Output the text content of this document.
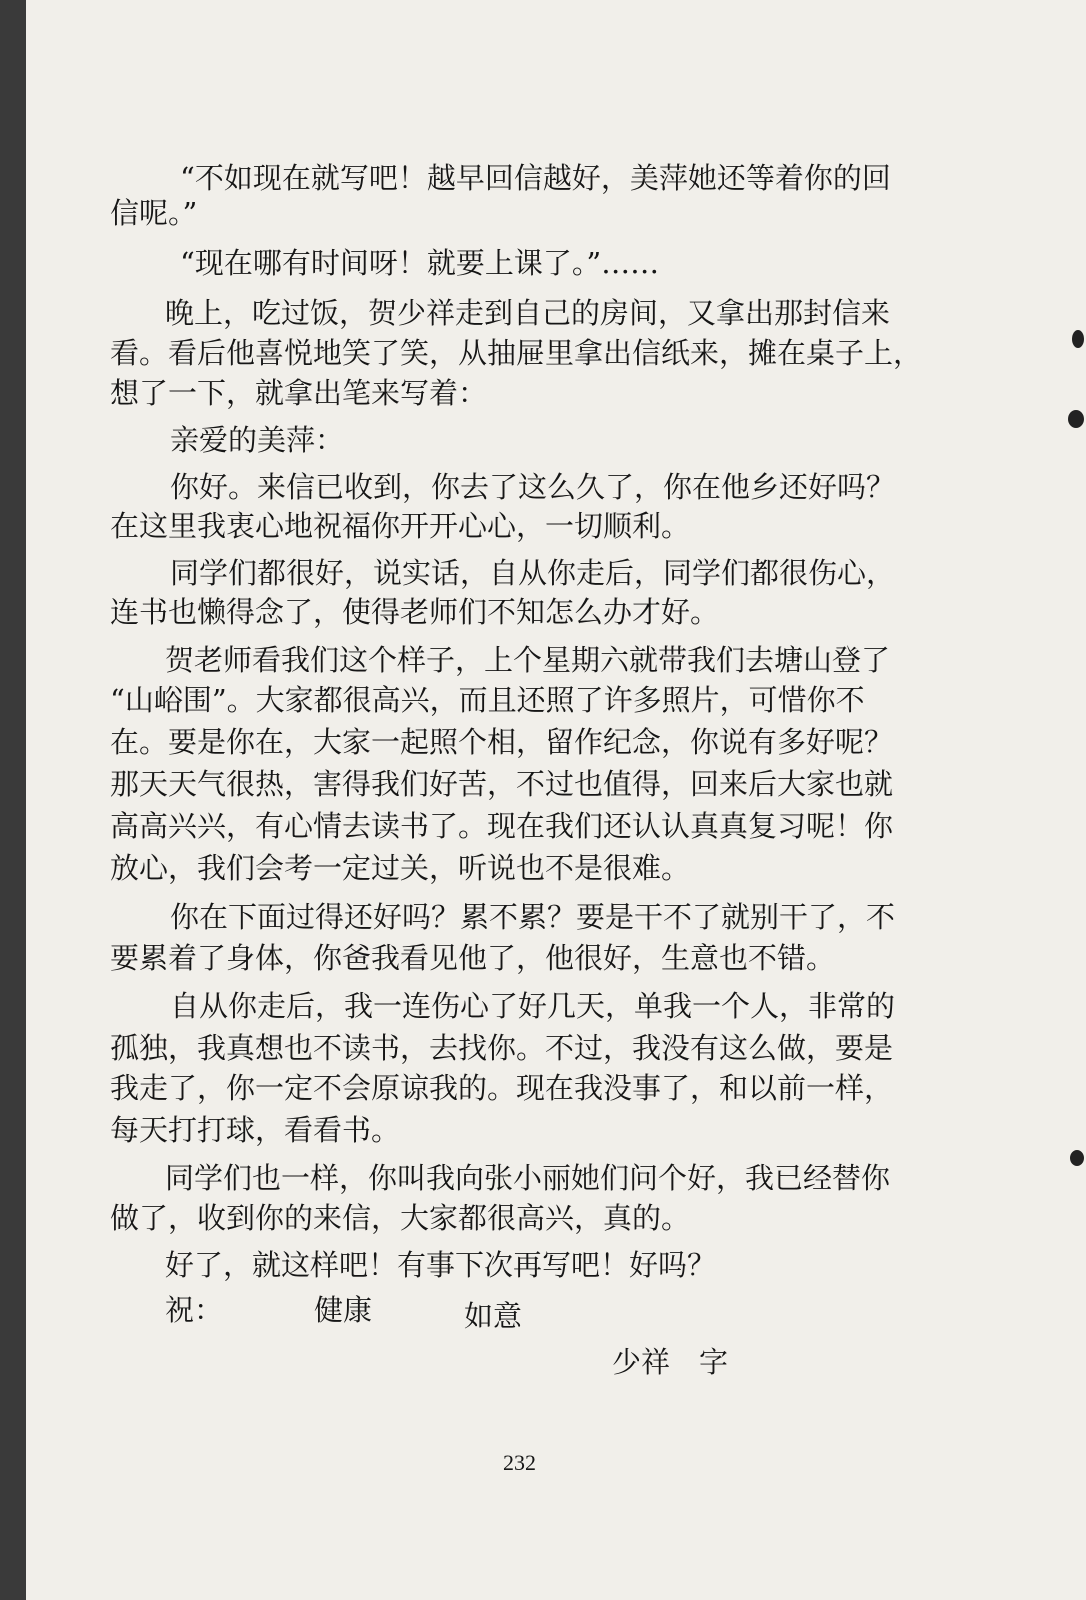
“不如现在就写吧！越早回信越好，美萍她还等着你的回
信呢。”
“现在哪有时间呀！就要上课了。”……
晚上，吃过饭，贺少祥走到自己的房间，又拿出那封信来
看。看后他喜悦地笑了笑，从抽屉里拿出信纸来，摊在桌子上，
想了一下，就拿出笔来写着：
亲爱的美萍：
你好。来信已收到，你去了这么久了，你在他乡还好吗？
在这里我衷心地祝福你开开心心，一切顺利。
同学们都很好，说实话，自从你走后，同学们都很伤心，
连书也懒得念了，使得老师们不知怎么办才好。
贺老师看我们这个样子，上个星期六就带我们去塘山登了
“山峪围”。大家都很高兴，而且还照了许多照片，可惜你不
在。要是你在，大家一起照个相，留作纪念，你说有多好呢？
那天天气很热，害得我们好苦，不过也值得，回来后大家也就
高高兴兴，有心情去读书了。现在我们还认认真真复习呢！你
放心，我们会考一定过关，听说也不是很难。
你在下面过得还好吗？累不累？要是干不了就别干了，不
要累着了身体，你爸我看见他了，他很好，生意也不错。
自从你走后，我一连伤心了好几天，单我一个人，非常的
孤独，我真想也不读书，去找你。不过，我没有这么做，要是
我走了，你一定不会原谅我的。现在我没事了，和以前一样，
每天打打球，看看书。
同学们也一样，你叫我向张小丽她们问个好，我已经替你
做了，收到你的来信，大家都很高兴，真的。
好了，就这样吧！有事下次再写吧！好吗？
祝：	健康	如意
少祥　字
232
